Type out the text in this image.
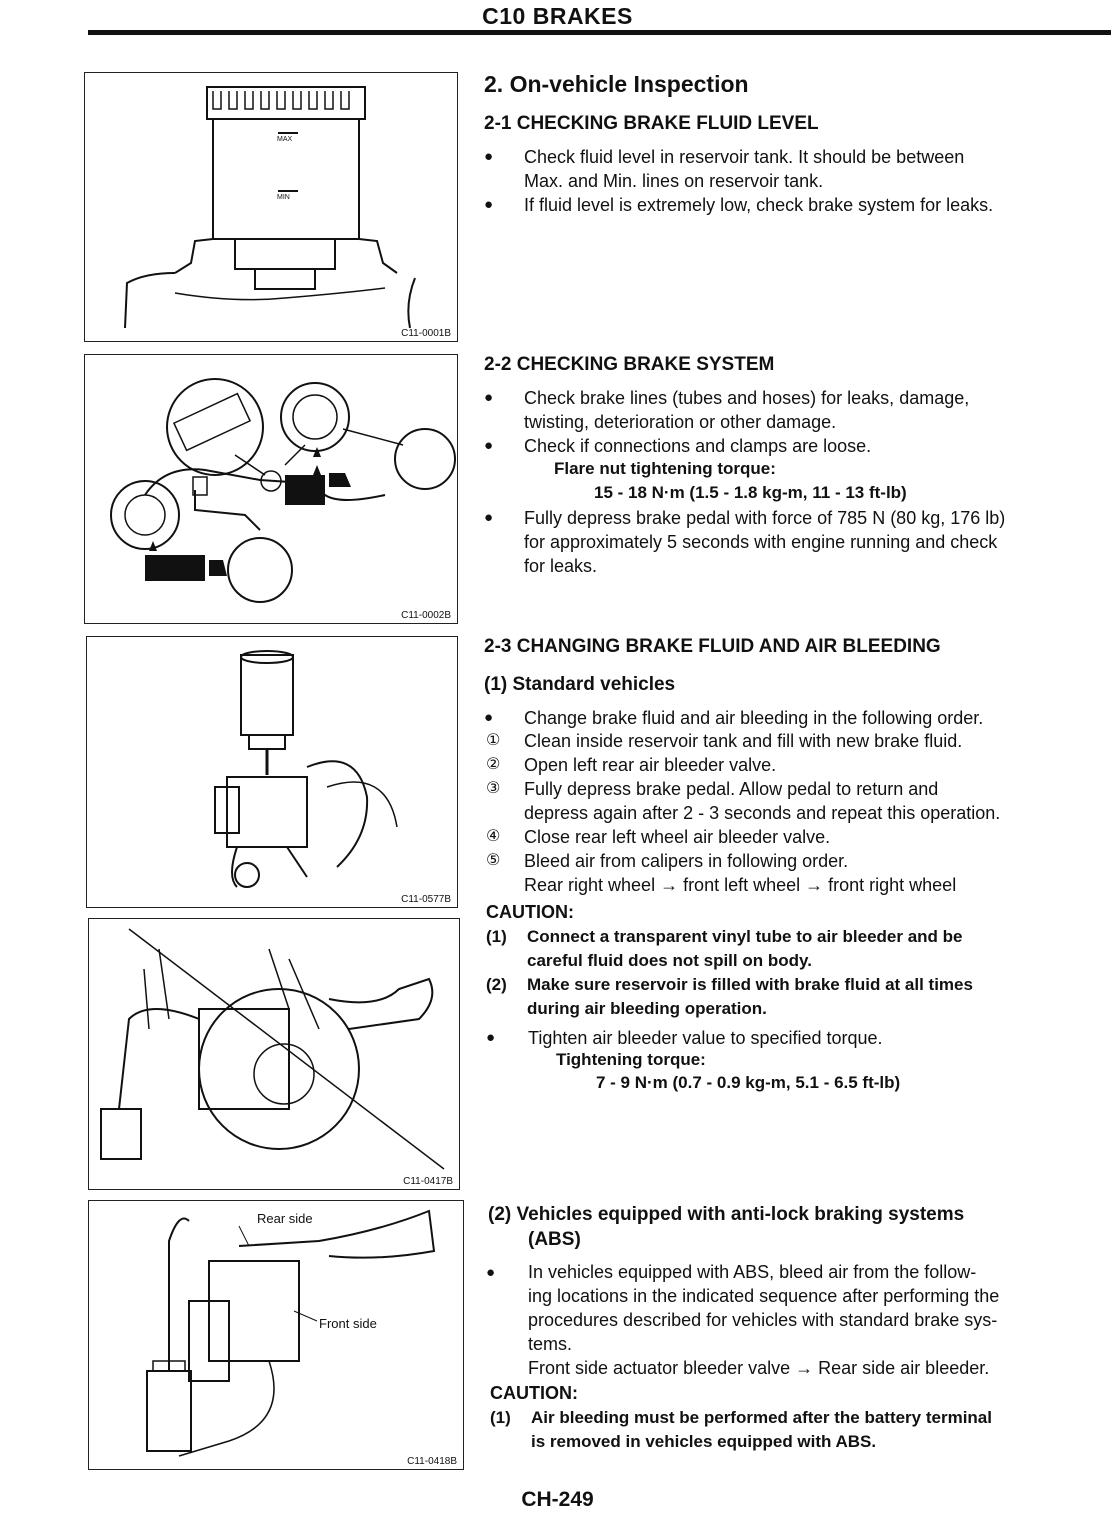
C10 BRAKES
MAX
MIN
C11-0001B
C11-0002B
C11-0577B
C11-0417B
Rear side
Front side
C11-0418B
2. On-vehicle Inspection
2-1 CHECKING BRAKE FLUID LEVEL
● Check fluid level in reservoir tank. It should be between
Max. and Min. lines on reservoir tank.
● If fluid level is extremely low, check brake system for leaks.
2-2 CHECKING BRAKE SYSTEM
● Check brake lines (tubes and hoses) for leaks, damage,
twisting, deterioration or other damage.
● Check if connections and clamps are loose.
Flare nut tightening torque:
15 - 18 N·m (1.5 - 1.8 kg-m, 11 - 13 ft-lb)
● Fully depress brake pedal with force of 785 N (80 kg, 176 lb)
for approximately 5 seconds with engine running and check
for leaks.
2-3 CHANGING BRAKE FLUID AND AIR BLEEDING
(1) Standard vehicles
● Change brake fluid and air bleeding in the following order.
① Clean inside reservoir tank and fill with new brake fluid.
② Open left rear air bleeder valve.
③ Fully depress brake pedal. Allow pedal to return and
depress again after 2 - 3 seconds and repeat this operation.
④ Close rear left wheel air bleeder valve.
⑤ Bleed air from calipers in following order.
Rear right wheel → front left wheel → front right wheel
CAUTION:
(1) Connect a transparent vinyl tube to air bleeder and be
careful fluid does not spill on body.
(2) Make sure reservoir is filled with brake fluid at all times
during air bleeding operation.
● Tighten air bleeder value to specified torque.
Tightening torque:
7 - 9 N·m (0.7 - 0.9 kg-m, 5.1 - 6.5 ft-lb)
(2) Vehicles equipped with anti-lock braking systems
(ABS)
● In vehicles equipped with ABS, bleed air from the follow-
ing locations in the indicated sequence after performing the
procedures described for vehicles with standard brake sys-
tems.
Front side actuator bleeder valve → Rear side air bleeder.
CAUTION:
(1) Air bleeding must be performed after the battery terminal
is removed in vehicles equipped with ABS.
CH-249
